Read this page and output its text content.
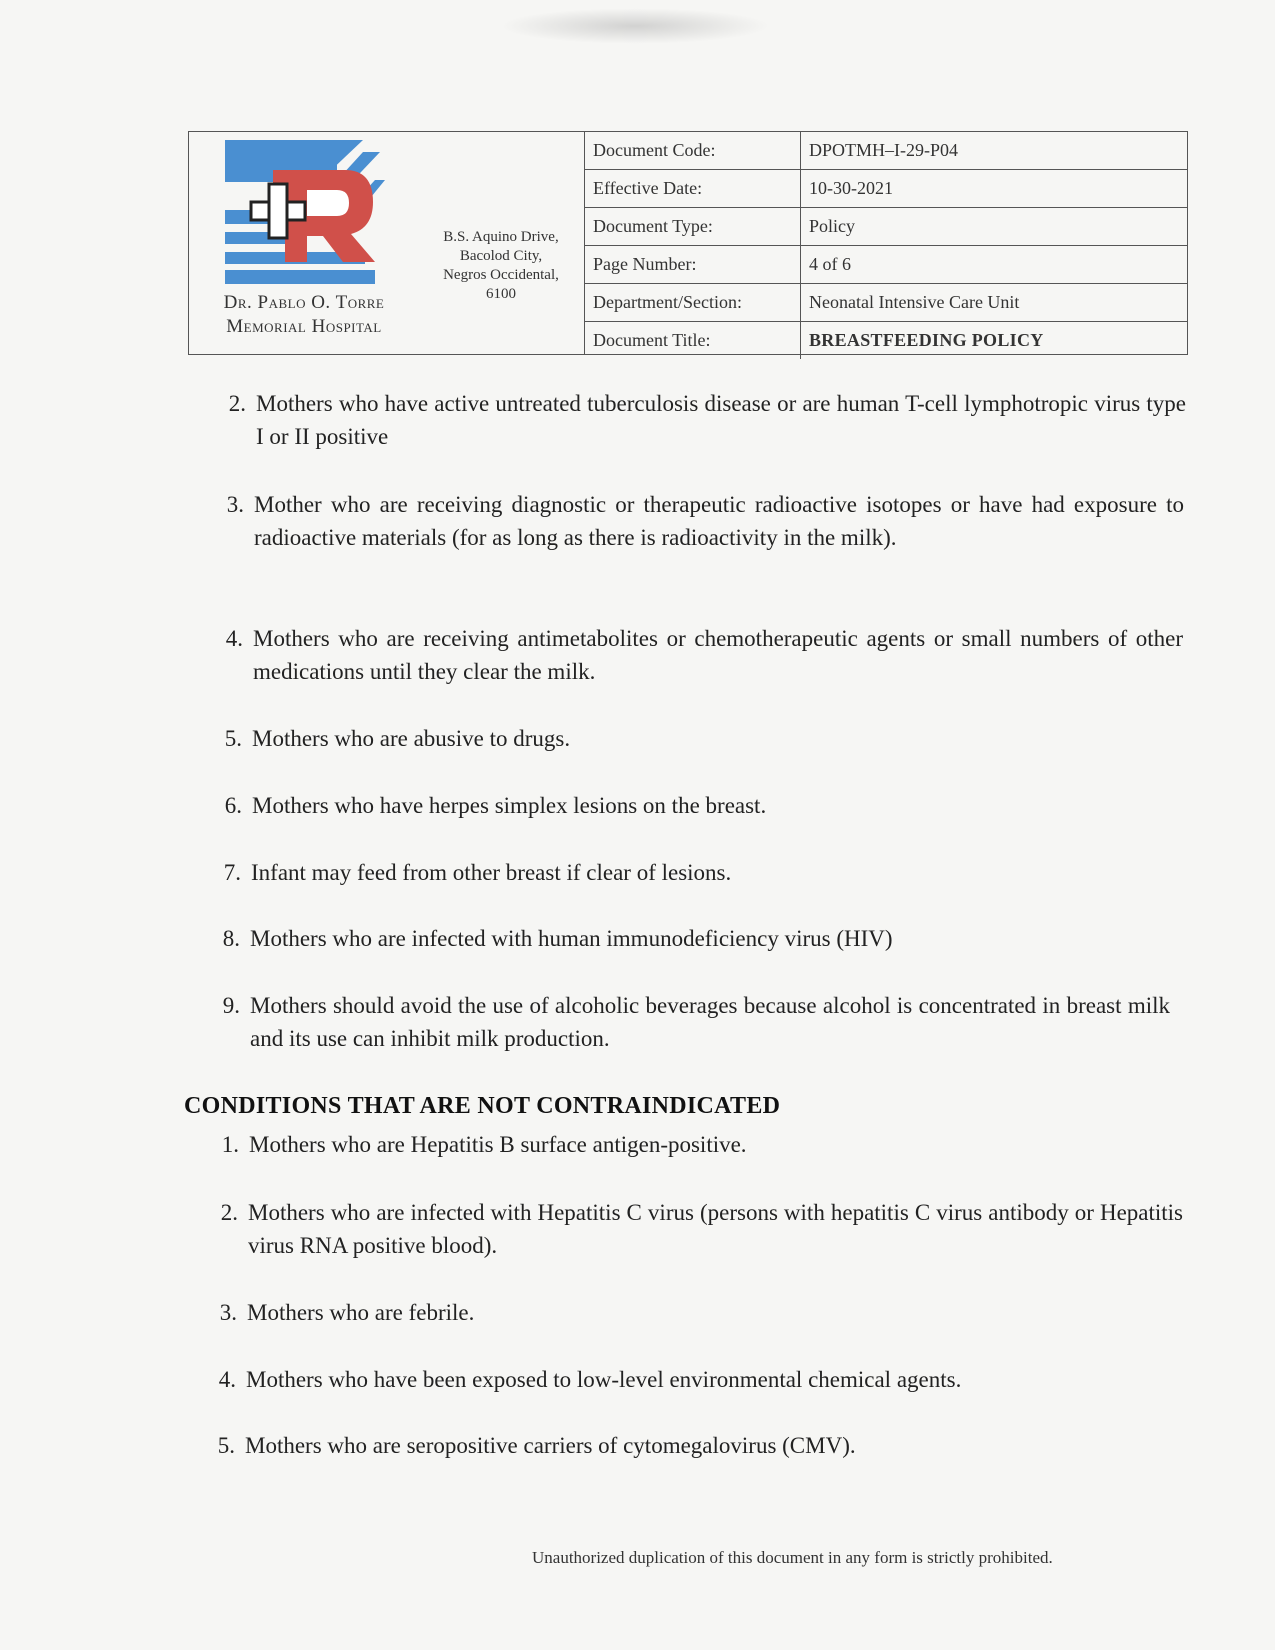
Dr. Pablo O. Torre
Memorial Hospital
B.S. Aquino Drive,
Bacolod City,
Negros Occidental,
6100
Document Code:	DPOTMH–I-29-P04
Effective Date:	10-30-2021
Document Type:	Policy
Page Number:	4 of 6
Department/Section:	Neonatal Intensive Care Unit
Document Title:	BREASTFEEDING POLICY
2. Mothers who have active untreated tuberculosis disease or are human T-cell lymphotropic virus type I or II positive
3. Mother who are receiving diagnostic or therapeutic radioactive isotopes or have had exposure to radioactive materials (for as long as there is radioactivity in the milk).
4. Mothers who are receiving antimetabolites or chemotherapeutic agents or small numbers of other medications until they clear the milk.
5. Mothers who are abusive to drugs.
6. Mothers who have herpes simplex lesions on the breast.
7. Infant may feed from other breast if clear of lesions.
8. Mothers who are infected with human immunodeficiency virus (HIV)
9. Mothers should avoid the use of alcoholic beverages because alcohol is concentrated in breast milk and its use can inhibit milk production.
CONDITIONS THAT ARE NOT CONTRAINDICATED
1. Mothers who are Hepatitis B surface antigen-positive.
2. Mothers who are infected with Hepatitis C virus (persons with hepatitis C virus antibody or Hepatitis virus RNA positive blood).
3. Mothers who are febrile.
4. Mothers who have been exposed to low-level environmental chemical agents.
5. Mothers who are seropositive carriers of cytomegalovirus (CMV).
Unauthorized duplication of this document in any form is strictly prohibited.
